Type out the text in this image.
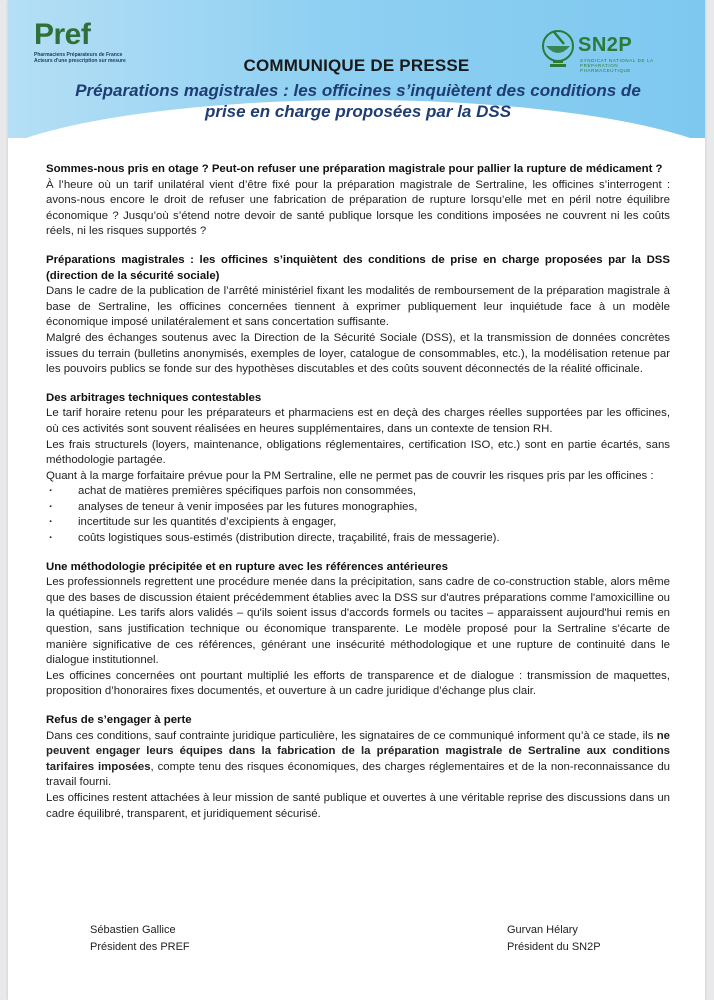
Pref
Pharmaciens Préparateurs de France
Acteurs d'une prescription sur mesure
SN2P
SYNDICAT NATIONAL DE LA PRÉPARATION PHARMACEUTIQUE
COMMUNIQUE DE PRESSE
Préparations magistrales : les officines s’inquiètent des conditions de
prise en charge proposées par la DSS
Sommes-nous pris en otage ? Peut-on refuser une préparation magistrale pour pallier la rupture de médicament ?
À l’heure où un tarif unilatéral vient d’être fixé pour la préparation magistrale de Sertraline, les officines s’interrogent : avons-nous encore le droit de refuser une fabrication de préparation de rupture lorsqu’elle met en péril notre équilibre économique ? Jusqu’où s’étend notre devoir de santé publique lorsque les conditions imposées ne couvrent ni les coûts réels, ni les risques supportés ?
Préparations magistrales : les officines s’inquiètent des conditions de prise en charge proposées par la DSS (direction de la sécurité sociale)
Dans le cadre de la publication de l’arrêté ministériel fixant les modalités de remboursement de la préparation magistrale à base de Sertraline, les officines concernées tiennent à exprimer publiquement leur inquiétude face à un modèle économique imposé unilatéralement et sans concertation suffisante.
Malgré des échanges soutenus avec la Direction de la Sécurité Sociale (DSS), et la transmission de données concrètes issues du terrain (bulletins anonymisés, exemples de loyer, catalogue de consommables, etc.), la modélisation retenue par les pouvoirs publics se fonde sur des hypothèses discutables et des coûts souvent déconnectés de la réalité officinale.
Des arbitrages techniques contestables
Le tarif horaire retenu pour les préparateurs et pharmaciens est en deçà des charges réelles supportées par les officines, où ces activités sont souvent réalisées en heures supplémentaires, dans un contexte de tension RH.
Les frais structurels (loyers, maintenance, obligations réglementaires, certification ISO, etc.) sont en partie écartés, sans méthodologie partagée.
Quant à la marge forfaitaire prévue pour la PM Sertraline, elle ne permet pas de couvrir les risques pris par les officines :
· achat de matières premières spécifiques parfois non consommées,
· analyses de teneur à venir imposées par les futures monographies,
· incertitude sur les quantités d’excipients à engager,
· coûts logistiques sous-estimés (distribution directe, traçabilité, frais de messagerie).
Une méthodologie précipitée et en rupture avec les références antérieures
Les professionnels regrettent une procédure menée dans la précipitation, sans cadre de co-construction stable, alors même que des bases de discussion étaient précédemment établies avec la DSS sur d'autres préparations comme l'amoxicilline ou la quétiapine. Les tarifs alors validés – qu'ils soient issus d'accords formels ou tacites – apparaissent aujourd'hui remis en question, sans justification technique ou économique transparente. Le modèle proposé pour la Sertraline s'écarte de manière significative de ces références, générant une insécurité méthodologique et une rupture de continuité dans le dialogue institutionnel.
Les officines concernées ont pourtant multiplié les efforts de transparence et de dialogue : transmission de maquettes, proposition d’honoraires fixes documentés, et ouverture à un cadre juridique d’échange plus clair.
Refus de s’engager à perte
Dans ces conditions, sauf contrainte juridique particulière, les signataires de ce communiqué informent qu’à ce stade, ils ne peuvent engager leurs équipes dans la fabrication de la préparation magistrale de Sertraline aux conditions tarifaires imposées, compte tenu des risques économiques, des charges réglementaires et de la non-reconnaissance du travail fourni.
Les officines restent attachées à leur mission de santé publique et ouvertes à une véritable reprise des discussions dans un cadre équilibré, transparent, et juridiquement sécurisé.
Sébastien Gallice
Président des PREF
Gurvan Hélary
Président du SN2P
